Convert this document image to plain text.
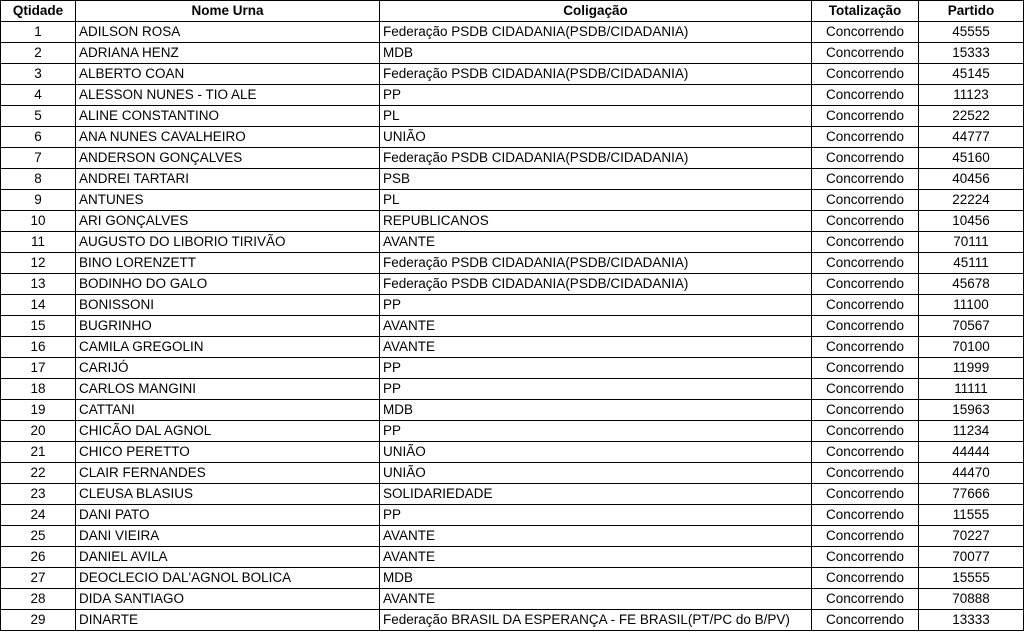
Qtidade	Nome Urna	Coligação	Totalização	Partido
1	ADILSON ROSA	Federação PSDB CIDADANIA(PSDB/CIDADANIA)	Concorrendo	45555
2	ADRIANA HENZ	MDB	Concorrendo	15333
3	ALBERTO COAN	Federação PSDB CIDADANIA(PSDB/CIDADANIA)	Concorrendo	45145
4	ALESSON NUNES - TIO ALE	PP	Concorrendo	11123
5	ALINE CONSTANTINO	PL	Concorrendo	22522
6	ANA NUNES CAVALHEIRO	UNIÃO	Concorrendo	44777
7	ANDERSON GONÇALVES	Federação PSDB CIDADANIA(PSDB/CIDADANIA)	Concorrendo	45160
8	ANDREI TARTARI	PSB	Concorrendo	40456
9	ANTUNES	PL	Concorrendo	22224
10	ARI GONÇALVES	REPUBLICANOS	Concorrendo	10456
11	AUGUSTO DO LIBORIO TIRIVÃO	AVANTE	Concorrendo	70111
12	BINO LORENZETT	Federação PSDB CIDADANIA(PSDB/CIDADANIA)	Concorrendo	45111
13	BODINHO DO GALO	Federação PSDB CIDADANIA(PSDB/CIDADANIA)	Concorrendo	45678
14	BONISSONI	PP	Concorrendo	11100
15	BUGRINHO	AVANTE	Concorrendo	70567
16	CAMILA GREGOLIN	AVANTE	Concorrendo	70100
17	CARIJÓ	PP	Concorrendo	11999
18	CARLOS MANGINI	PP	Concorrendo	11111
19	CATTANI	MDB	Concorrendo	15963
20	CHICÃO DAL AGNOL	PP	Concorrendo	11234
21	CHICO PERETTO	UNIÃO	Concorrendo	44444
22	CLAIR FERNANDES	UNIÃO	Concorrendo	44470
23	CLEUSA BLASIUS	SOLIDARIEDADE	Concorrendo	77666
24	DANI PATO	PP	Concorrendo	11555
25	DANI VIEIRA	AVANTE	Concorrendo	70227
26	DANIEL AVILA	AVANTE	Concorrendo	70077
27	DEOCLECIO DAL'AGNOL BOLICA	MDB	Concorrendo	15555
28	DIDA SANTIAGO	AVANTE	Concorrendo	70888
29	DINARTE	Federação BRASIL DA ESPERANÇA - FE BRASIL(PT/PC do B/PV)	Concorrendo	13333
